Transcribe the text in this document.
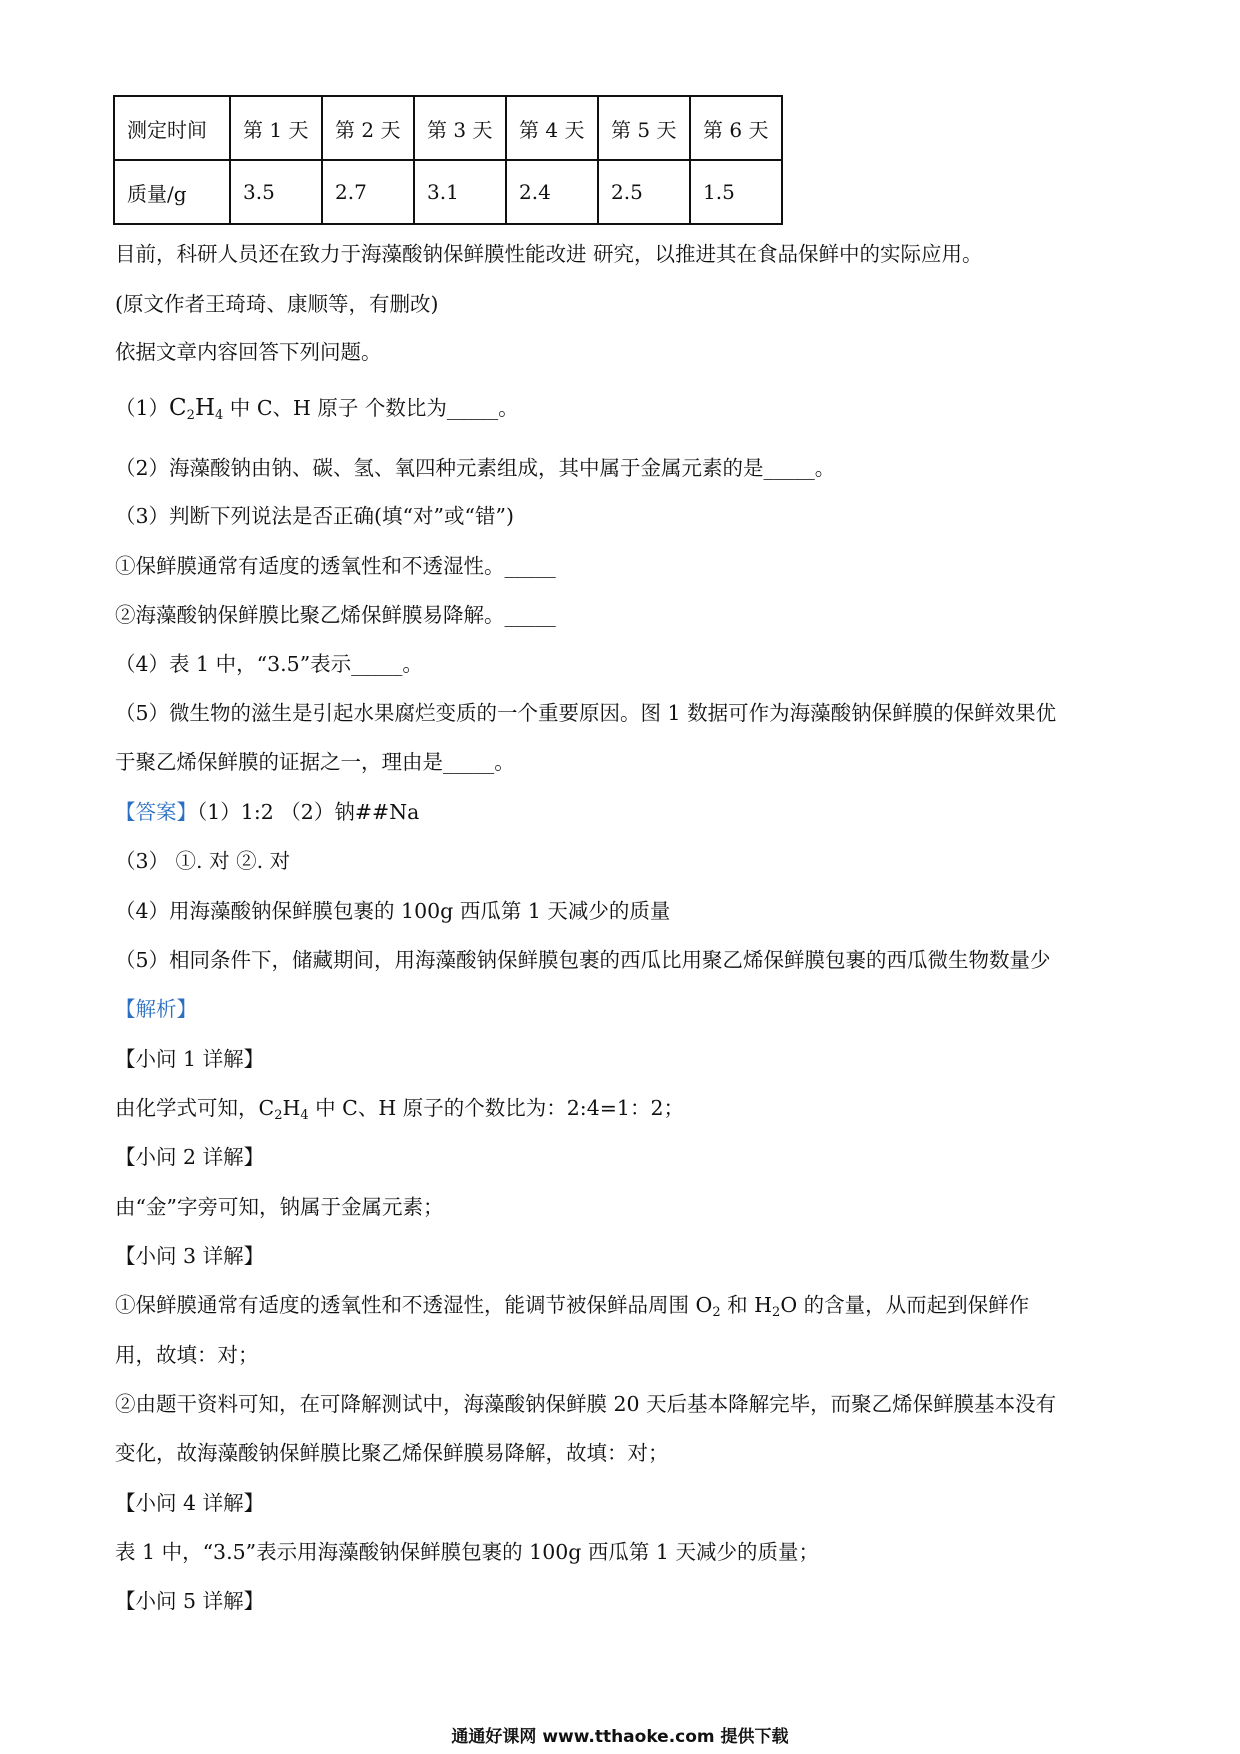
测定时间	第 1 天	第 2 天	第 3 天	第 4 天	第 5 天	第 6 天
质量/g	3.5	2.7	3.1	2.4	2.5	1.5
目前，科研人员还在致力于海藻酸钠保鲜膜性能改进 研究，以推进其在食品保鲜中的实际应用。
(原文作者王琦琦、康顺等，有删改)
依据文章内容回答下列问题。
$(1)C_2H_4$ 中 C、H 原子 个数比为_____。
（2）海藻酸钠由钠、碳、氢、氧四种元素组成，其中属于金属元素的是_____。
（3）判断下列说法是否正确(填“对”或“错”)
①保鲜膜通常有适度的透氧性和不透湿性。_____
②海藻酸钠保鲜膜比聚乙烯保鲜膜易降解。_____
（4）表 1 中，“3.5”表示_____。
（5）微生物的滋生是引起水果腐烂变质的一个重要原因。图 1 数据可作为海藻酸钠保鲜膜的保鲜效果优
于聚乙烯保鲜膜的证据之一，理由是_____。
【答案】（1）1:2 （2）钠##Na
（3） ①. 对 ②. 对
（4）用海藻酸钠保鲜膜包裹的 100g 西瓜第 1 天减少的质量
（5）相同条件下，储藏期间，用海藻酸钠保鲜膜包裹的西瓜比用聚乙烯保鲜膜包裹的西瓜微生物数量少
【解析】
【小问 1 详解】
由化学式可知，$C_2H_4$ 中 C、H 原子的个数比为：2:4=1：2；
【小问 2 详解】
由“金”字旁可知，钠属于金属元素；
【小问 3 详解】
①保鲜膜通常有适度的透氧性和不透湿性，能调节被保鲜品周围 $O_2$ 和 $H_2O$ 的含量，从而起到保鲜作
用，故填：对；
②由题干资料可知，在可降解测试中，海藻酸钠保鲜膜 20 天后基本降解完毕，而聚乙烯保鲜膜基本没有
变化，故海藻酸钠保鲜膜比聚乙烯保鲜膜易降解，故填：对；
【小问 4 详解】
表 1 中，“3.5”表示用海藻酸钠保鲜膜包裹的 100g 西瓜第 1 天减少的质量；
【小问 5 详解】
通通好课网 www.tthaoke.com 提供下载
